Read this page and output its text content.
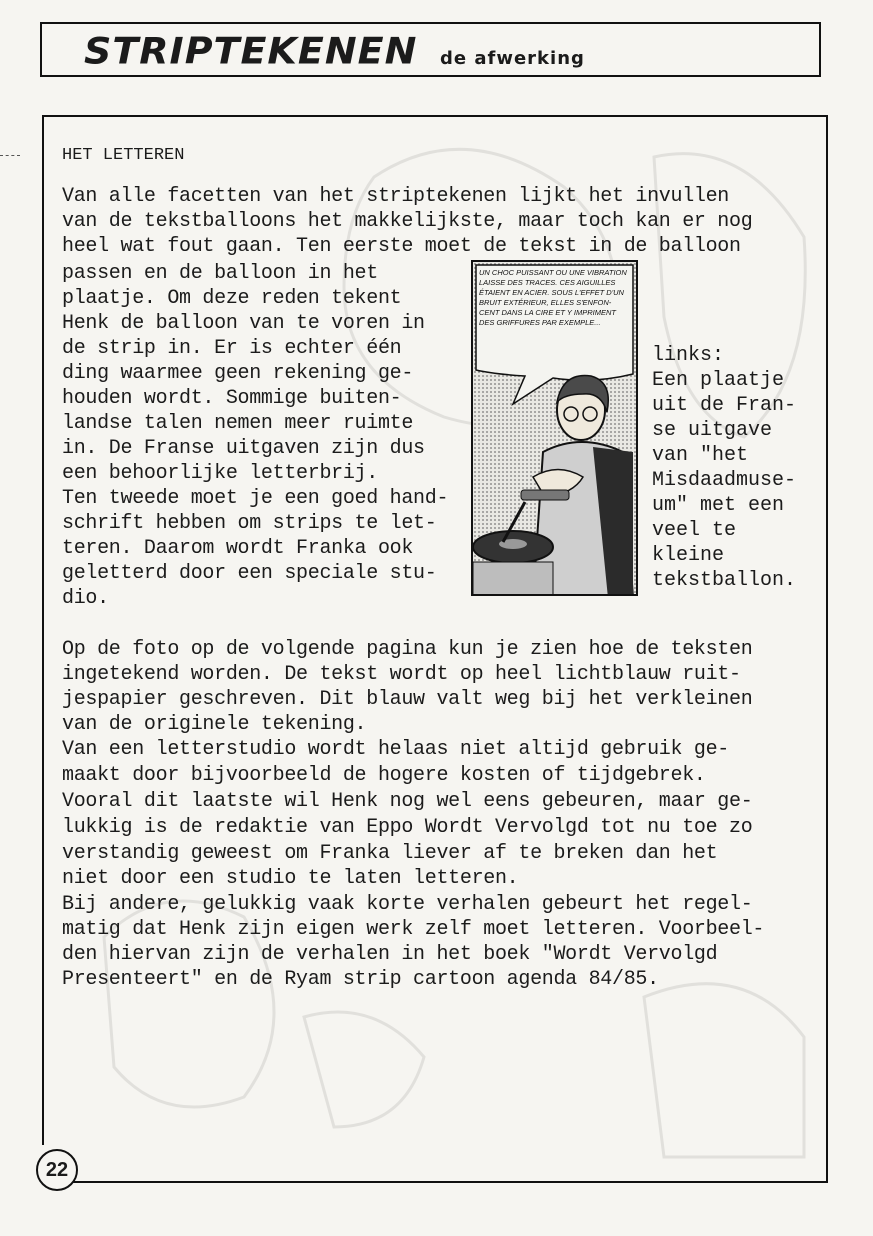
STRIPTEKENEN de afwerking
HET LETTEREN
Van alle facetten van het striptekenen lijkt het invullen
van de tekstballoons het makkelijkste, maar toch kan er nog
heel wat fout gaan. Ten eerste moet de tekst in de balloon
passen en de balloon in het
plaatje. Om deze reden tekent
Henk de balloon van te voren in
de strip in. Er is echter één
ding waarmee geen rekening ge-
houden wordt. Sommige buiten-
landse talen nemen meer ruimte
in. De Franse uitgaven zijn dus
een behoorlijke letterbrij.
Ten tweede moet je een goed hand-
schrift hebben om strips te let-
teren. Daarom wordt Franka ook
geletterd door een speciale stu-
dio.
Op de foto op de volgende pagina kun je zien hoe de teksten
ingetekend worden. De tekst wordt op heel lichtblauw ruit-
jespapier geschreven. Dit blauw valt weg bij het verkleinen
van de originele tekening.
Van een letterstudio wordt helaas niet altijd gebruik ge-
maakt door bijvoorbeeld de hogere kosten of tijdgebrek.
Vooral dit laatste wil Henk nog wel eens gebeuren, maar ge-
lukkig is de redaktie van Eppo Wordt Vervolgd tot nu toe zo
verstandig geweest om Franka liever af te breken dan het
niet door een studio te laten letteren.
Bij andere, gelukkig vaak korte verhalen gebeurt het regel-
matig dat Henk zijn eigen werk zelf moet letteren. Voorbeel-
den hiervan zijn de verhalen in het boek "Wordt Vervolgd
Presenteert" en de Ryam strip cartoon agenda 84/85.
UN CHOC PUISSANT OU UNE VIBRATION LAISSE DES TRACES. CES AIGUILLES ÉTAIENT EN ACIER. SOUS L'EFFET D'UN BRUIT EXTÉRIEUR, ELLES S'ENFON- CENT DANS LA CIRE ET Y IMPRIMENT DES GRIFFURES PAR EXEMPLE...
links:
Een plaatje
uit de Fran-
se uitgave
van "het
Misdaadmuse-
um" met een
veel te
kleine
tekstballon.
22
